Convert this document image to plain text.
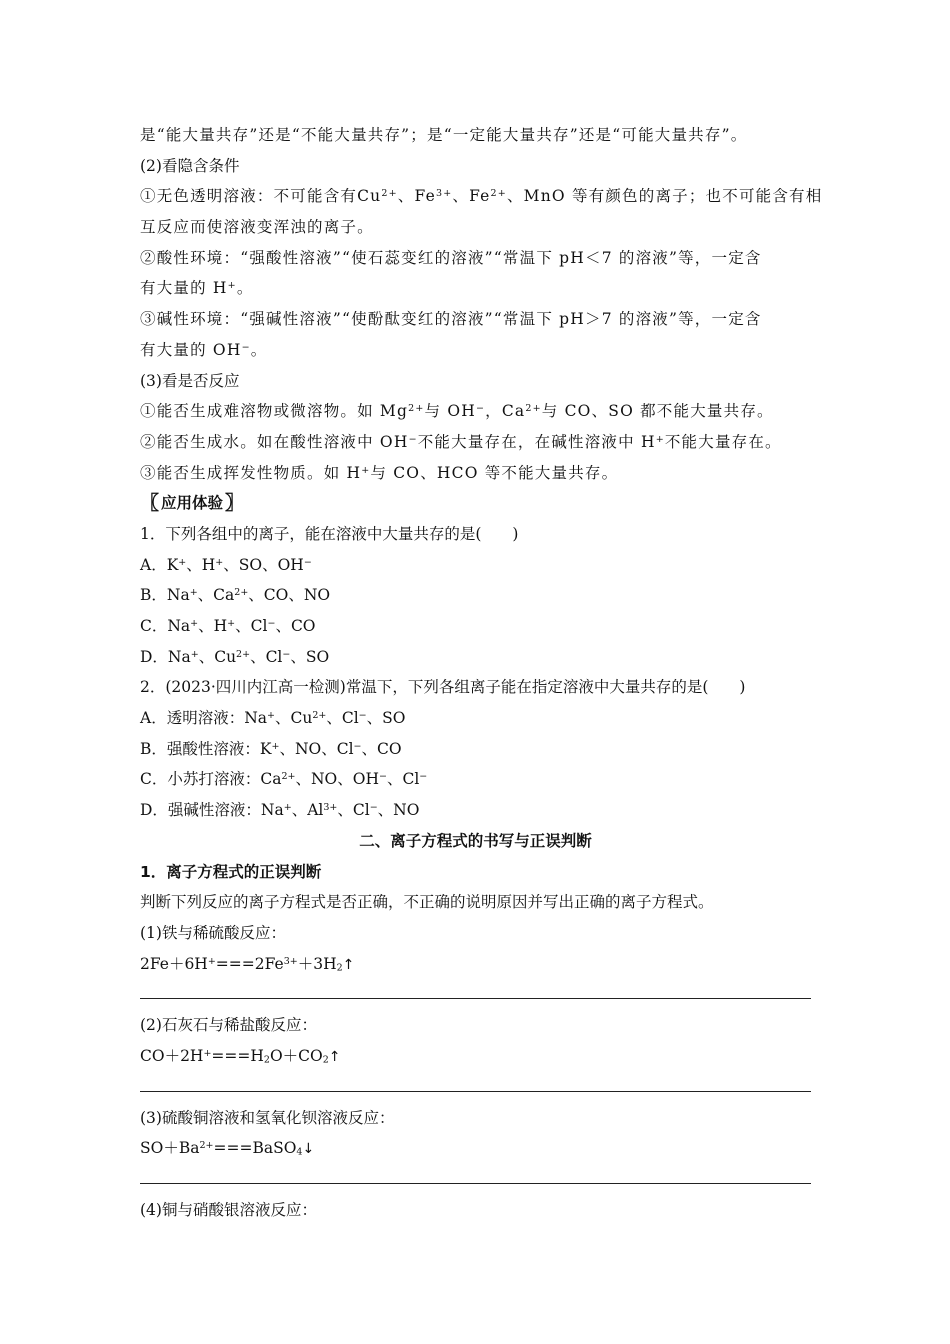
是“能大量共存”还是“不能大量共存”；是“一定能大量共存”还是“可能大量共存”。
(2)看隐含条件
①无色透明溶液：不可能含有$Cu^{2+}$、$Fe^{3+}$、$Fe^{2+}$、MnO 等有颜色的离子；也不可能含有相
互反应而使溶液变浑浊的离子。
②酸性环境：“强酸性溶液”“使石蕊变红的溶液”“常温下 pH＜7 的溶液”等，一定含
有大量的 H+。
③碱性环境：“强碱性溶液”“使酚酞变红的溶液”“常温下 pH＞7 的溶液”等，一定含
有大量的 OH−。
(3)看是否反应
①能否生成难溶物或微溶物。如 $Mg^{2+}$与 OH−，$Ca^{2+}$与 CO、SO 都不能大量共存。
②能否生成水。如在酸性溶液中 OH−不能大量存在，在碱性溶液中 H+不能大量存在。
③能否生成挥发性物质。如 H+与 CO、HCO 等不能大量共存。
〖 应用体验 〗
1．下列各组中的离子，能在溶液中大量共存的是(　　)
A．K+、H+、SO、OH−
B．Na+、$Ca^{2+}$、CO、NO
C．Na+、H+、Cl−、CO
D．Na+、$Cu^{2+}$、Cl−、SO
2．(2023·四川内江高一检测)常温下，下列各组离子能在指定溶液中大量共存的是(　　)
A．透明溶液：Na+、$Cu^{2+}$、Cl−、SO
B．强酸性溶液：K+、NO、Cl−、CO
C．小苏打溶液：$Ca^{2+}$、NO、OH−、Cl−
D．强碱性溶液：Na+、$Al^{3+}$、Cl−、NO
二、离子方程式的书写与正误判断
1．离子方程式的正误判断
判断下列反应的离子方程式是否正确，不正确的说明原因并写出正确的离子方程式。
(1)铁与稀硫酸反应：
$2Fe+6H^+===2Fe^{3+}+3H_2↑$
(2)石灰石与稀盐酸反应：
$CO+2H^+===H_2O+CO_2↑$
(3)硫酸铜溶液和氢氧化钡溶液反应：
$SO+Ba^{2+}===BaSO_4↓$
(4)铜与硝酸银溶液反应：
